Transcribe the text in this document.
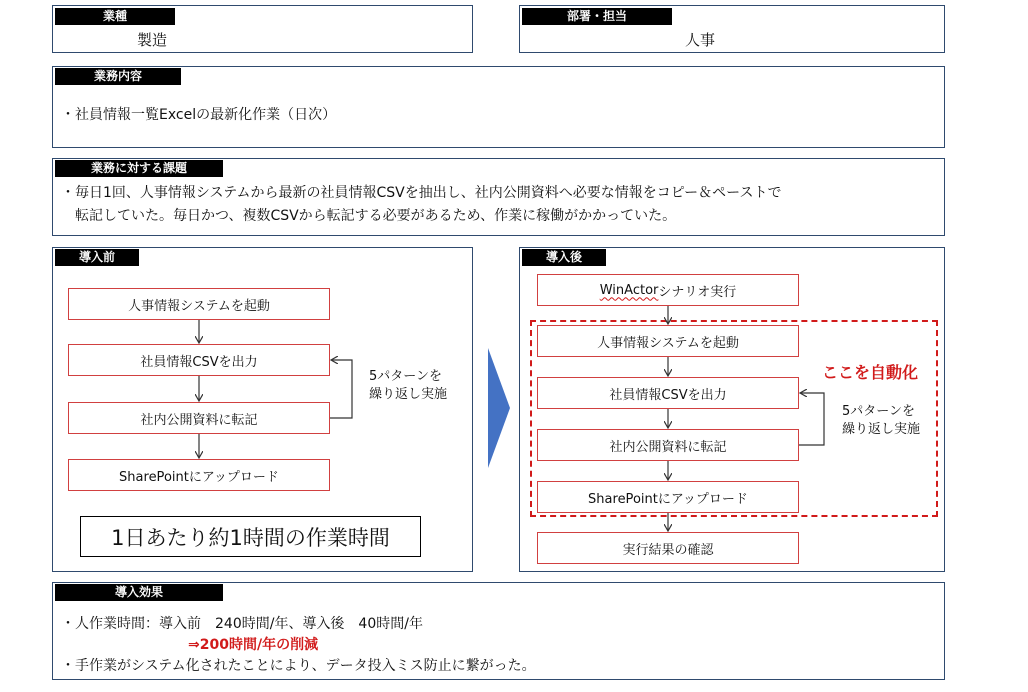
業種
製造
部署・担当
人事
業務内容
・社員情報一覧Excelの最新化作業（日次）
業務に対する課題
・毎日1回、人事情報システムから最新の社員情報CSVを抽出し、社内公開資料へ必要な情報をコピー＆ペーストで
転記していた。毎日かつ、複数CSVから転記する必要があるため、作業に稼働がかかっていた。
導入前
人事情報システムを起動
社員情報CSVを出力
社内公開資料に転記
SharePointにアップロード
5パターンを
繰り返し実施
1日あたり約1時間の作業時間
導入後
WinActor シナリオ実行
人事情報システムを起動
社員情報CSVを出力
社内公開資料に転記
SharePointにアップロード
実行結果の確認
ここを自動化
5パターンを
繰り返し実施
導入効果
・人作業時間：導入前　240時間/年、導入後　40時間/年
⇒200時間/年の削減
・手作業がシステム化されたことにより、データ投入ミス防止に繋がった。
